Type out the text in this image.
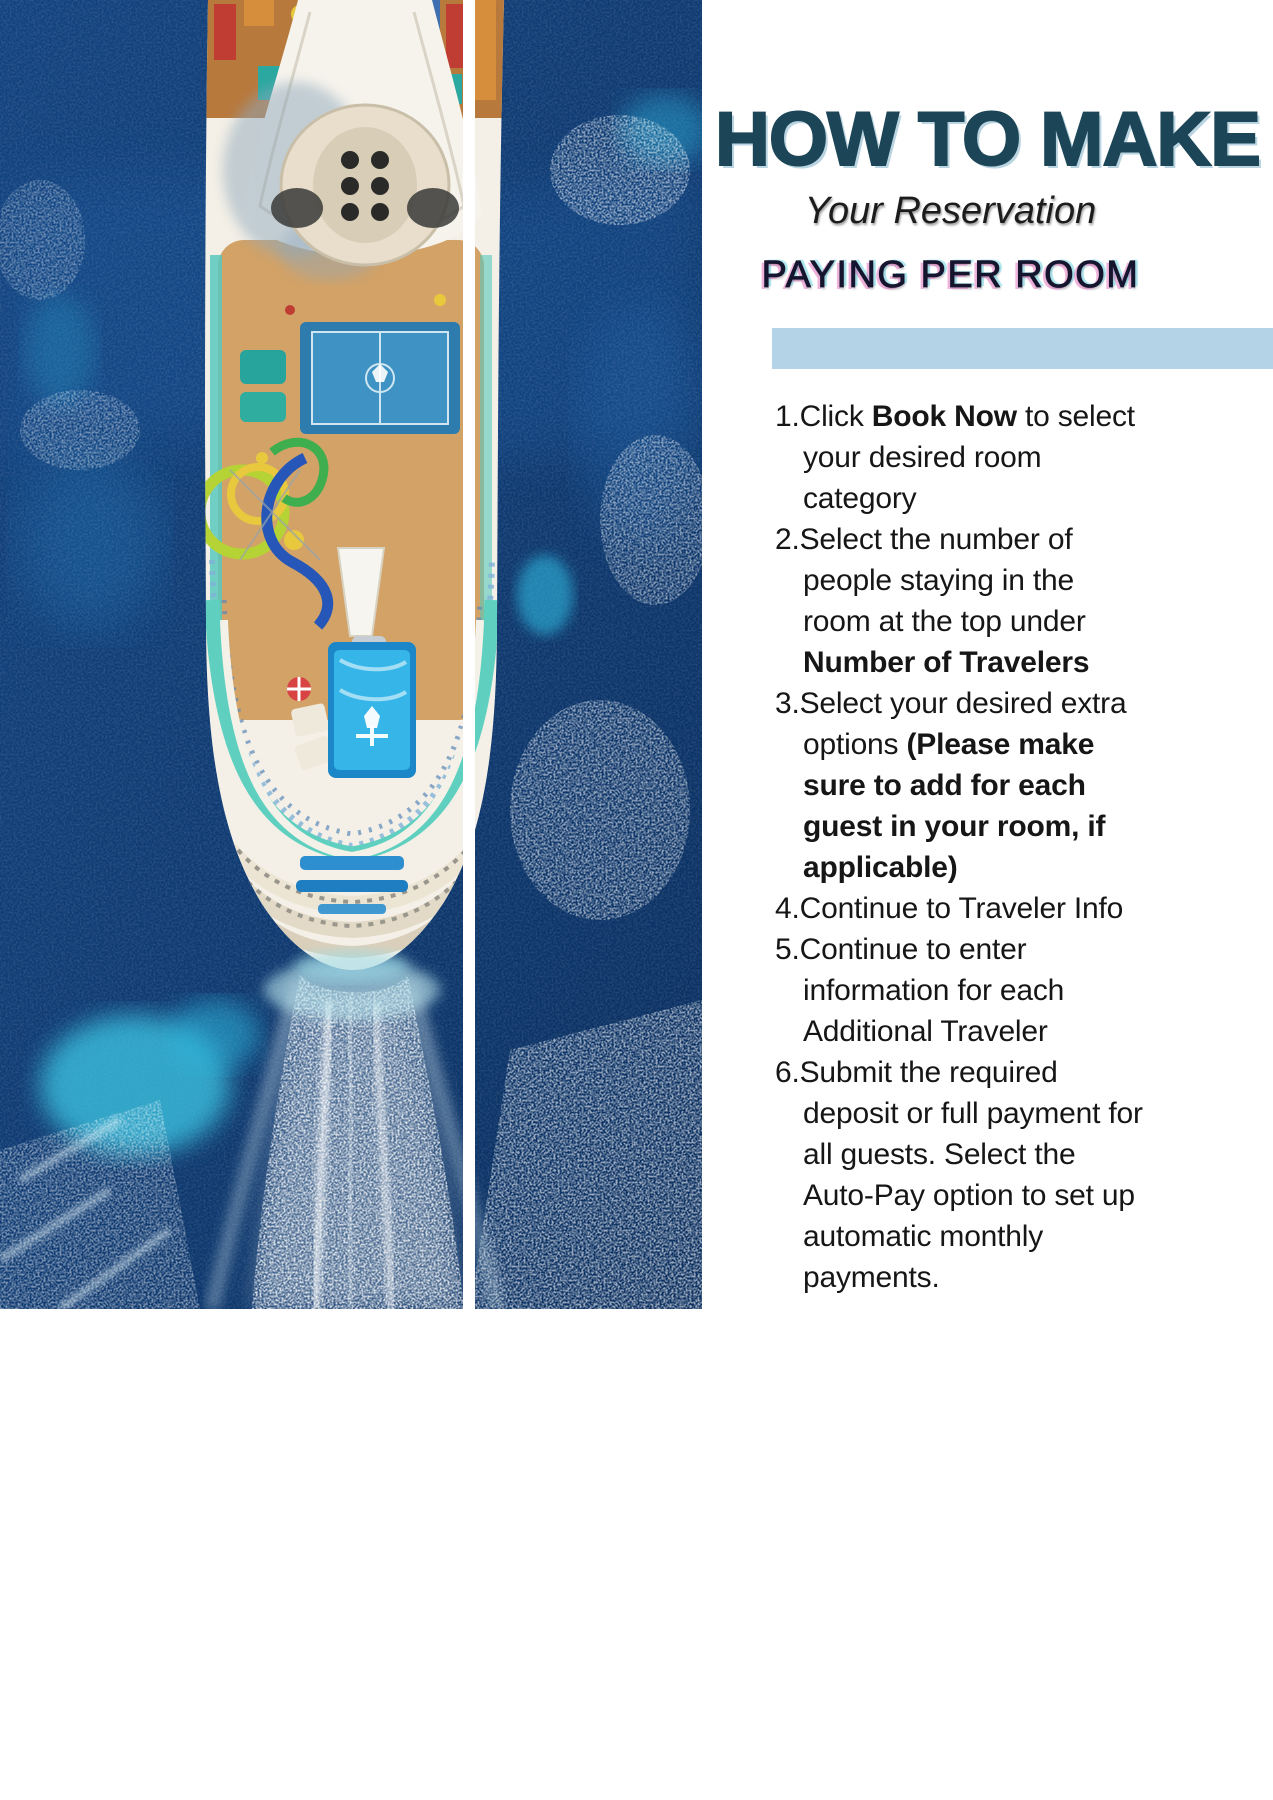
HOW TO MAKE
Your Reservation
PAYING PER ROOM
1.Click Book Now to select your desired room category
2.Select the number of people staying in the room at the top under Number of Travelers
3.Select your desired extra options (Please make sure to add for each guest in your room, if applicable)
4.Continue to Traveler Info
5.Continue to enter information for each Additional Traveler
6.Submit the required deposit or full payment for all guests. Select the Auto-Pay option to set up automatic monthly payments.
